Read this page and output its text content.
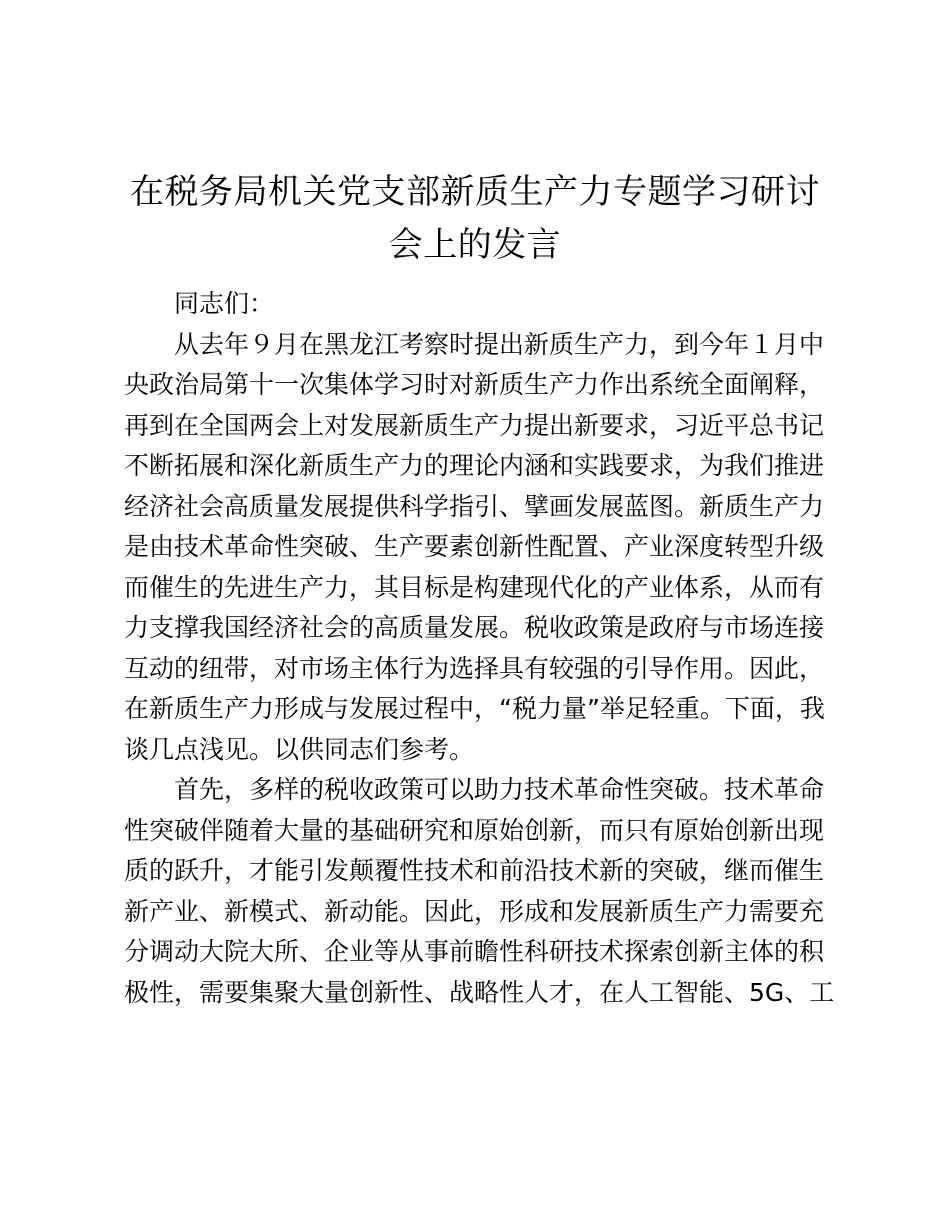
在税务局机关党支部新质生产力专题学习研讨
会上的发言
同志们：
从去年９月在黑龙江考察时提出新质生产力，到今年１月中
央政治局第十一次集体学习时对新质生产力作出系统全面阐释，
再到在全国两会上对发展新质生产力提出新要求，习近平总书记
不断拓展和深化新质生产力的理论内涵和实践要求，为我们推进
经济社会高质量发展提供科学指引、擘画发展蓝图。新质生产力
是由技术革命性突破、生产要素创新性配置、产业深度转型升级
而催生的先进生产力，其目标是构建现代化的产业体系，从而有
力支撑我国经济社会的高质量发展。税收政策是政府与市场连接
互动的纽带，对市场主体行为选择具有较强的引导作用。因此，
在新质生产力形成与发展过程中，“税力量”举足轻重。下面，我
谈几点浅见。以供同志们参考。
首先，多样的税收政策可以助力技术革命性突破。技术革命
性突破伴随着大量的基础研究和原始创新，而只有原始创新出现
质的跃升，才能引发颠覆性技术和前沿技术新的突破，继而催生
新产业、新模式、新动能。因此，形成和发展新质生产力需要充
分调动大院大所、企业等从事前瞻性科研技术探索创新主体的积
极性，需要集聚大量创新性、战略性人才，在人工智能、5G、工
